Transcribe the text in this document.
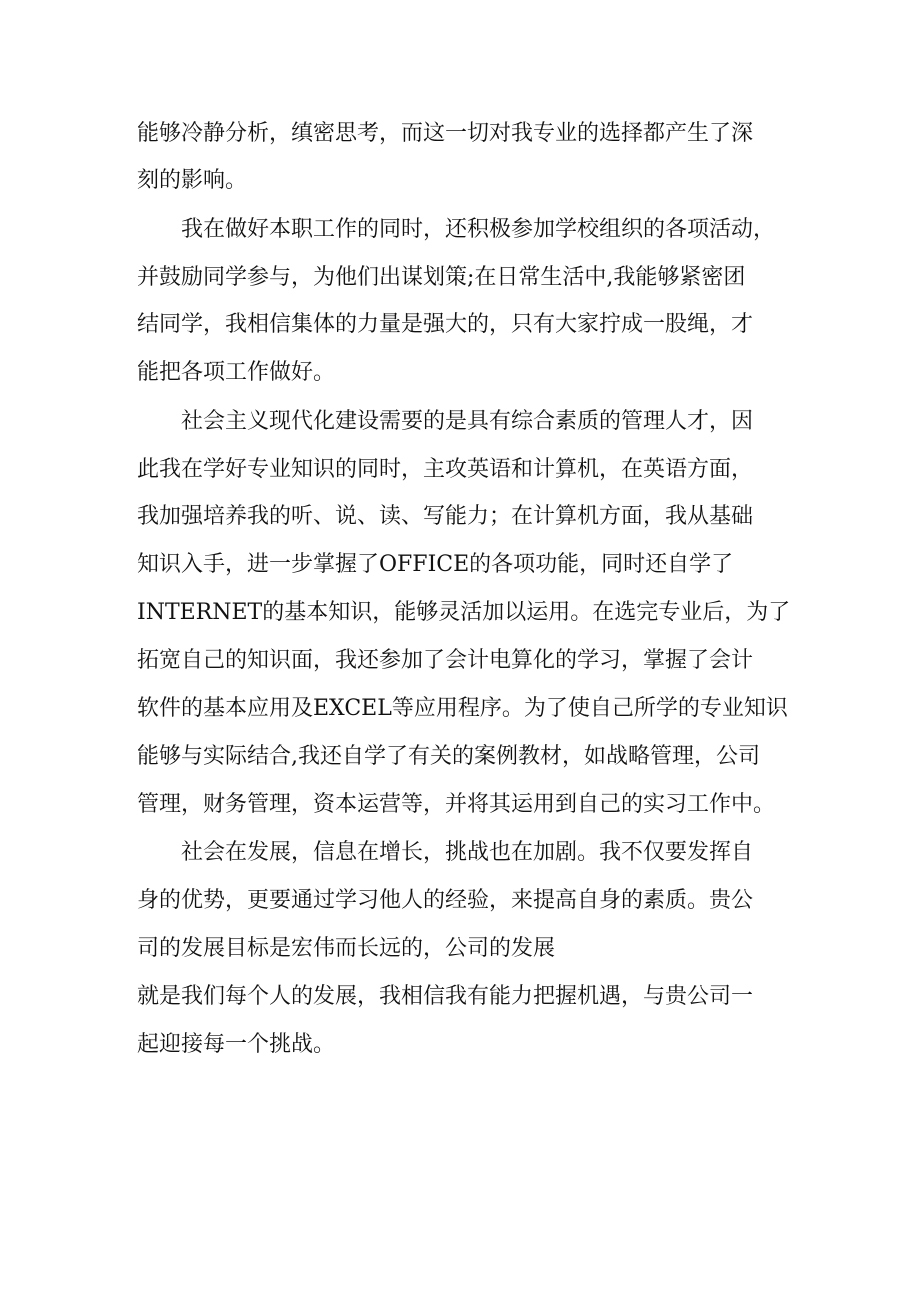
能够冷静分析，缜密思考，而这一切对我专业的选择都产生了深
刻的影响。
　　我在做好本职工作的同时，还积极参加学校组织的各项活动，
并鼓励同学参与，为他们出谋划策;在日常生活中,我能够紧密团
结同学，我相信集体的力量是强大的，只有大家拧成一股绳，才
能把各项工作做好。
　　社会主义现代化建设需要的是具有综合素质的管理人才，因
此我在学好专业知识的同时，主攻英语和计算机，在英语方面，
我加强培养我的听、说、读、写能力；在计算机方面，我从基础
知识入手，进一步掌握了OFFICE的各项功能，同时还自学了
INTERNET的基本知识，能够灵活加以运用。在选完专业后，为了
拓宽自己的知识面，我还参加了会计电算化的学习，掌握了会计
软件的基本应用及EXCEL等应用程序。为了使自己所学的专业知识
能够与实际结合,我还自学了有关的案例教材，如战略管理，公司
管理，财务管理，资本运营等，并将其运用到自己的实习工作中。
　　社会在发展，信息在增长，挑战也在加剧。我不仅要发挥自
身的优势，更要通过学习他人的经验，来提高自身的素质。贵公
司的发展目标是宏伟而长远的，公司的发展
就是我们每个人的发展，我相信我有能力把握机遇，与贵公司一
起迎接每一个挑战。
